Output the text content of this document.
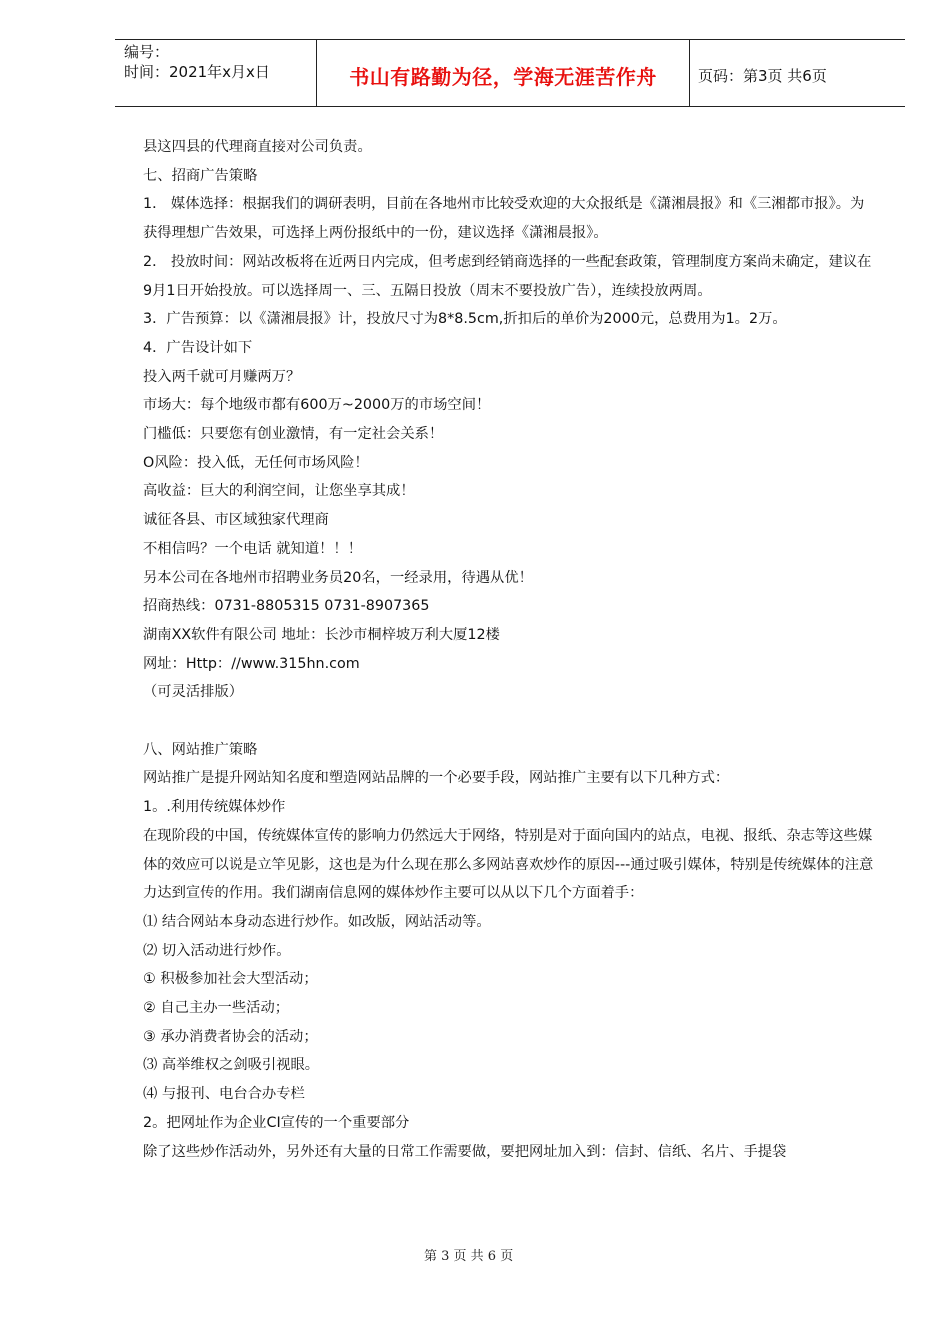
编号：
时间：2021年x月x日	书山有路勤为径，学海无涯苦作舟	页码：第3页 共6页

县这四县的代理商直接对公司负责。

七、招商广告策略

1． 媒体选择：根据我们的调研表明，目前在各地州市比较受欢迎的大众报纸是《潇湘晨报》和《三湘都市报》。为获得理想广告效果，可选择上两份报纸中的一份，建议选择《潇湘晨报》。

2． 投放时间：网站改板将在近两日内完成，但考虑到经销商选择的一些配套政策，管理制度方案尚未确定，建议在9月1日开始投放。可以选择周一、三、五隔日投放（周末不要投放广告），连续投放两周。

3．广告预算：以《潇湘晨报》计，投放尺寸为8*8.5cm,折扣后的单价为2000元，总费用为1。2万。

4．广告设计如下

投入两千就可月赚两万？

市场大：每个地级市都有600万~2000万的市场空间！

门槛低：只要您有创业激情，有一定社会关系！

O风险：投入低，无任何市场风险！

高收益：巨大的利润空间，让您坐享其成！

诚征各县、市区域独家代理商

不相信吗？一个电话 就知道！！！

另本公司在各地州市招聘业务员20名，一经录用，待遇从优！

招商热线：0731-8805315 0731-8907365

湖南XX软件有限公司 地址：长沙市桐梓坡万利大厦12楼

网址：Http：//www.315hn.com

（可灵活排版）

八、网站推广策略

网站推广是提升网站知名度和塑造网站品牌的一个必要手段，网站推广主要有以下几种方式：

1。.利用传统媒体炒作

在现阶段的中国，传统媒体宣传的影响力仍然远大于网络，特别是对于面向国内的站点，电视、报纸、杂志等这些媒体的效应可以说是立竿见影，这也是为什么现在那么多网站喜欢炒作的原因---通过吸引媒体，特别是传统媒体的注意力达到宣传的作用。我们湖南信息网的媒体炒作主要可以从以下几个方面着手：

⑴ 结合网站本身动态进行炒作。如改版，网站活动等。

⑵ 切入活动进行炒作。

① 积极参加社会大型活动；

② 自己主办一些活动；

③ 承办消费者协会的活动；

⑶ 高举维权之剑吸引视眼。

⑷ 与报刊、电台合办专栏

2。把网址作为企业CI宣传的一个重要部分

除了这些炒作活动外，另外还有大量的日常工作需要做，要把网址加入到：信封、信纸、名片、手提袋

第 3 页 共 6 页
